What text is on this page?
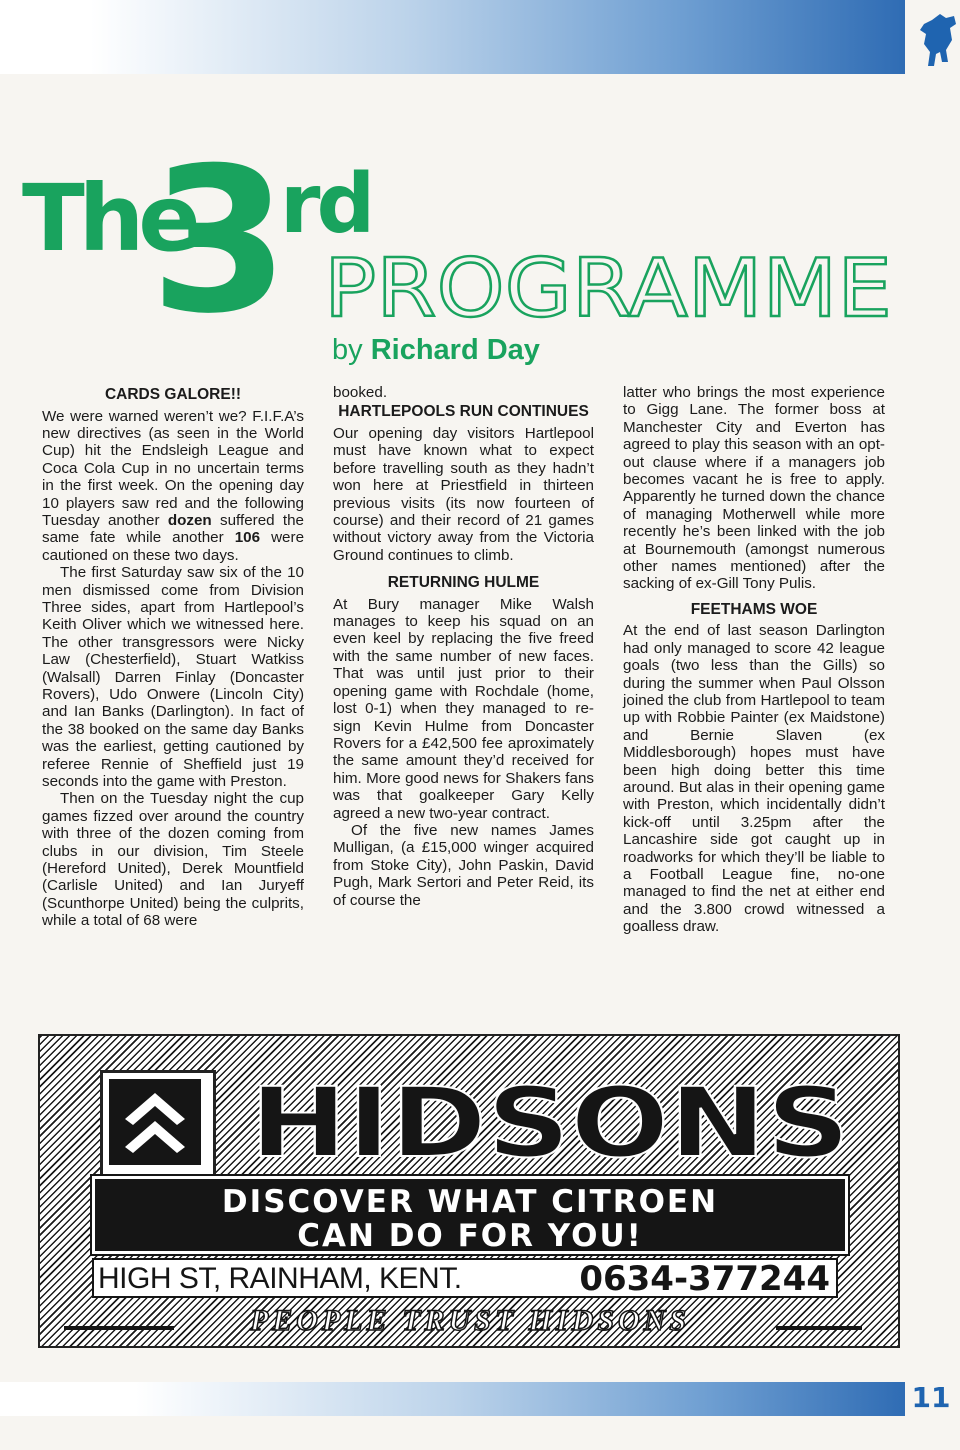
The
3
rd
PROGRAMME
by Richard Day
CARDS GALORE!!

We were warned weren’t we? F.I.F.A’s new directives (as seen in the World Cup) hit the Endsleigh League and Coca Cola Cup in no uncertain terms in the first week. On the opening day 10 players saw red and the following Tuesday another dozen suffered the same fate while another 106 were cautioned on these two days.

The first Saturday saw six of the 10 men dismissed come from Division Three sides, apart from Hartlepool’s Keith Oliver which we witnessed here. The other transgressors were Nicky Law (Chesterfield), Stuart Watkiss (Walsall) Darren Finlay (Doncaster Rovers), Udo Onwere (Lincoln City) and Ian Banks (Darlington). In fact of the 38 booked on the same day Banks was the earliest, getting cautioned by referee Rennie of Sheffield just 19 seconds into the game with Preston.

Then on the Tuesday night the cup games fizzed over around the country with three of the dozen coming from clubs in our division, Tim Steele (Hereford United), Derek Mountfield (Carlisle United) and Ian Juryeff (Scunthorpe United) being the culprits, while a total of 68 were

booked.

HARTLEPOOLS RUN CONTINUES

Our opening day visitors Hartlepool must have known what to expect before travelling south as they hadn’t won here at Priestfield in thirteen previous visits (its now fourteen of course) and their record of 21 games without victory away from the Victoria Ground continues to climb.

RETURNING HULME

At Bury manager Mike Walsh manages to keep his squad on an even keel by replacing the five freed with the same number of new faces. That was until just prior to their opening game with Rochdale (home, lost 0-1) when they managed to re-sign Kevin Hulme from Doncaster Rovers for a £42,500 fee aproximately the same amount they’d received for him. More good news for Shakers fans was that goalkeeper Gary Kelly agreed a new two-year contract.

Of the five new names James Mulligan, (a £15,000 winger acquired from Stoke City), John Paskin, David Pugh, Mark Sertori and Peter Reid, its of course the

latter who brings the most experience to Gigg Lane. The former boss at Manchester City and Everton has agreed to play this season with an opt-out clause where if a managers job becomes vacant he is free to apply. Apparently he turned down the chance of managing Motherwell while more recently he’s been linked with the job at Bournemouth (amongst numerous other names mentioned) after the sacking of ex-Gill Tony Pulis.

FEETHAMS WOE

At the end of last season Darlington had only managed to score 42 league goals (two less than the Gills) so during the summer when Paul Olsson joined the club from Hartlepool to team up with Robbie Painter (ex Maidstone) and Bernie Slaven (ex Middlesborough) hopes must have been high doing better this time around. But alas in their opening game with Preston, which incidentally didn’t kick-off until 3.25pm after the Lancashire side got caught up in roadworks for which they’ll be liable to a Football League fine, no-one managed to find the net at either end and the 3.800 crowd witnessed a goalless draw.

HIDSONS
DISCOVER WHAT CITROEN
CAN DO FOR YOU!
HIGH ST, RAINHAM, KENT.	0634-377244
PEOPLE TRUST HIDSONS
11
